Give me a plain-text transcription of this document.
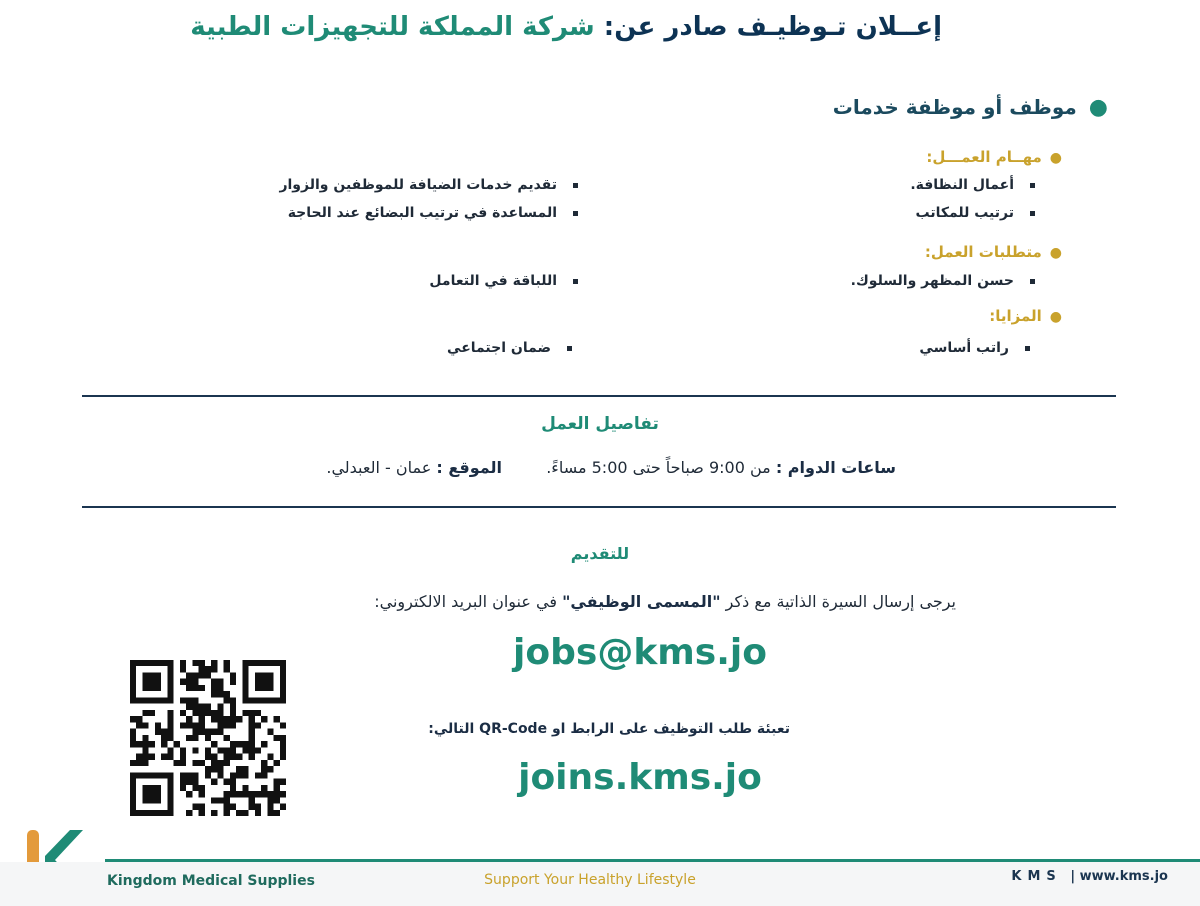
إعــلان تـوظيـف صادر عن: شركة المملكة للتجهيزات الطبية
●موظف أو موظفة خدمات
●مهــام العمـــل:
أعمال النظافة.
تقديم خدمات الضيافة للموظفين والزوار
ترتيب للمكاتب
المساعدة في ترتيب البضائع عند الحاجة
●متطلبات العمل:
حسن المظهر والسلوك.
اللباقة في التعامل
●المزايا:
راتب أساسي
ضمان اجتماعي
تفاصيل العمل
ساعات الدوام : من 9:00 صباحاً حتى 5:00 مساءً.  الموقع : عمان - العبدلي.
للتقديم
يرجى إرسال السيرة الذاتية مع ذكر "المسمى الوظيفي" في عنوان البريد الالكتروني:
jobs@kms.jo
تعبئة طلب التوظيف على الرابط او QR-Code التالي:
joins.kms.jo
Kingdom Medical Supplies	Support Your Healthy Lifestyle	KMS | www.kms.jo
